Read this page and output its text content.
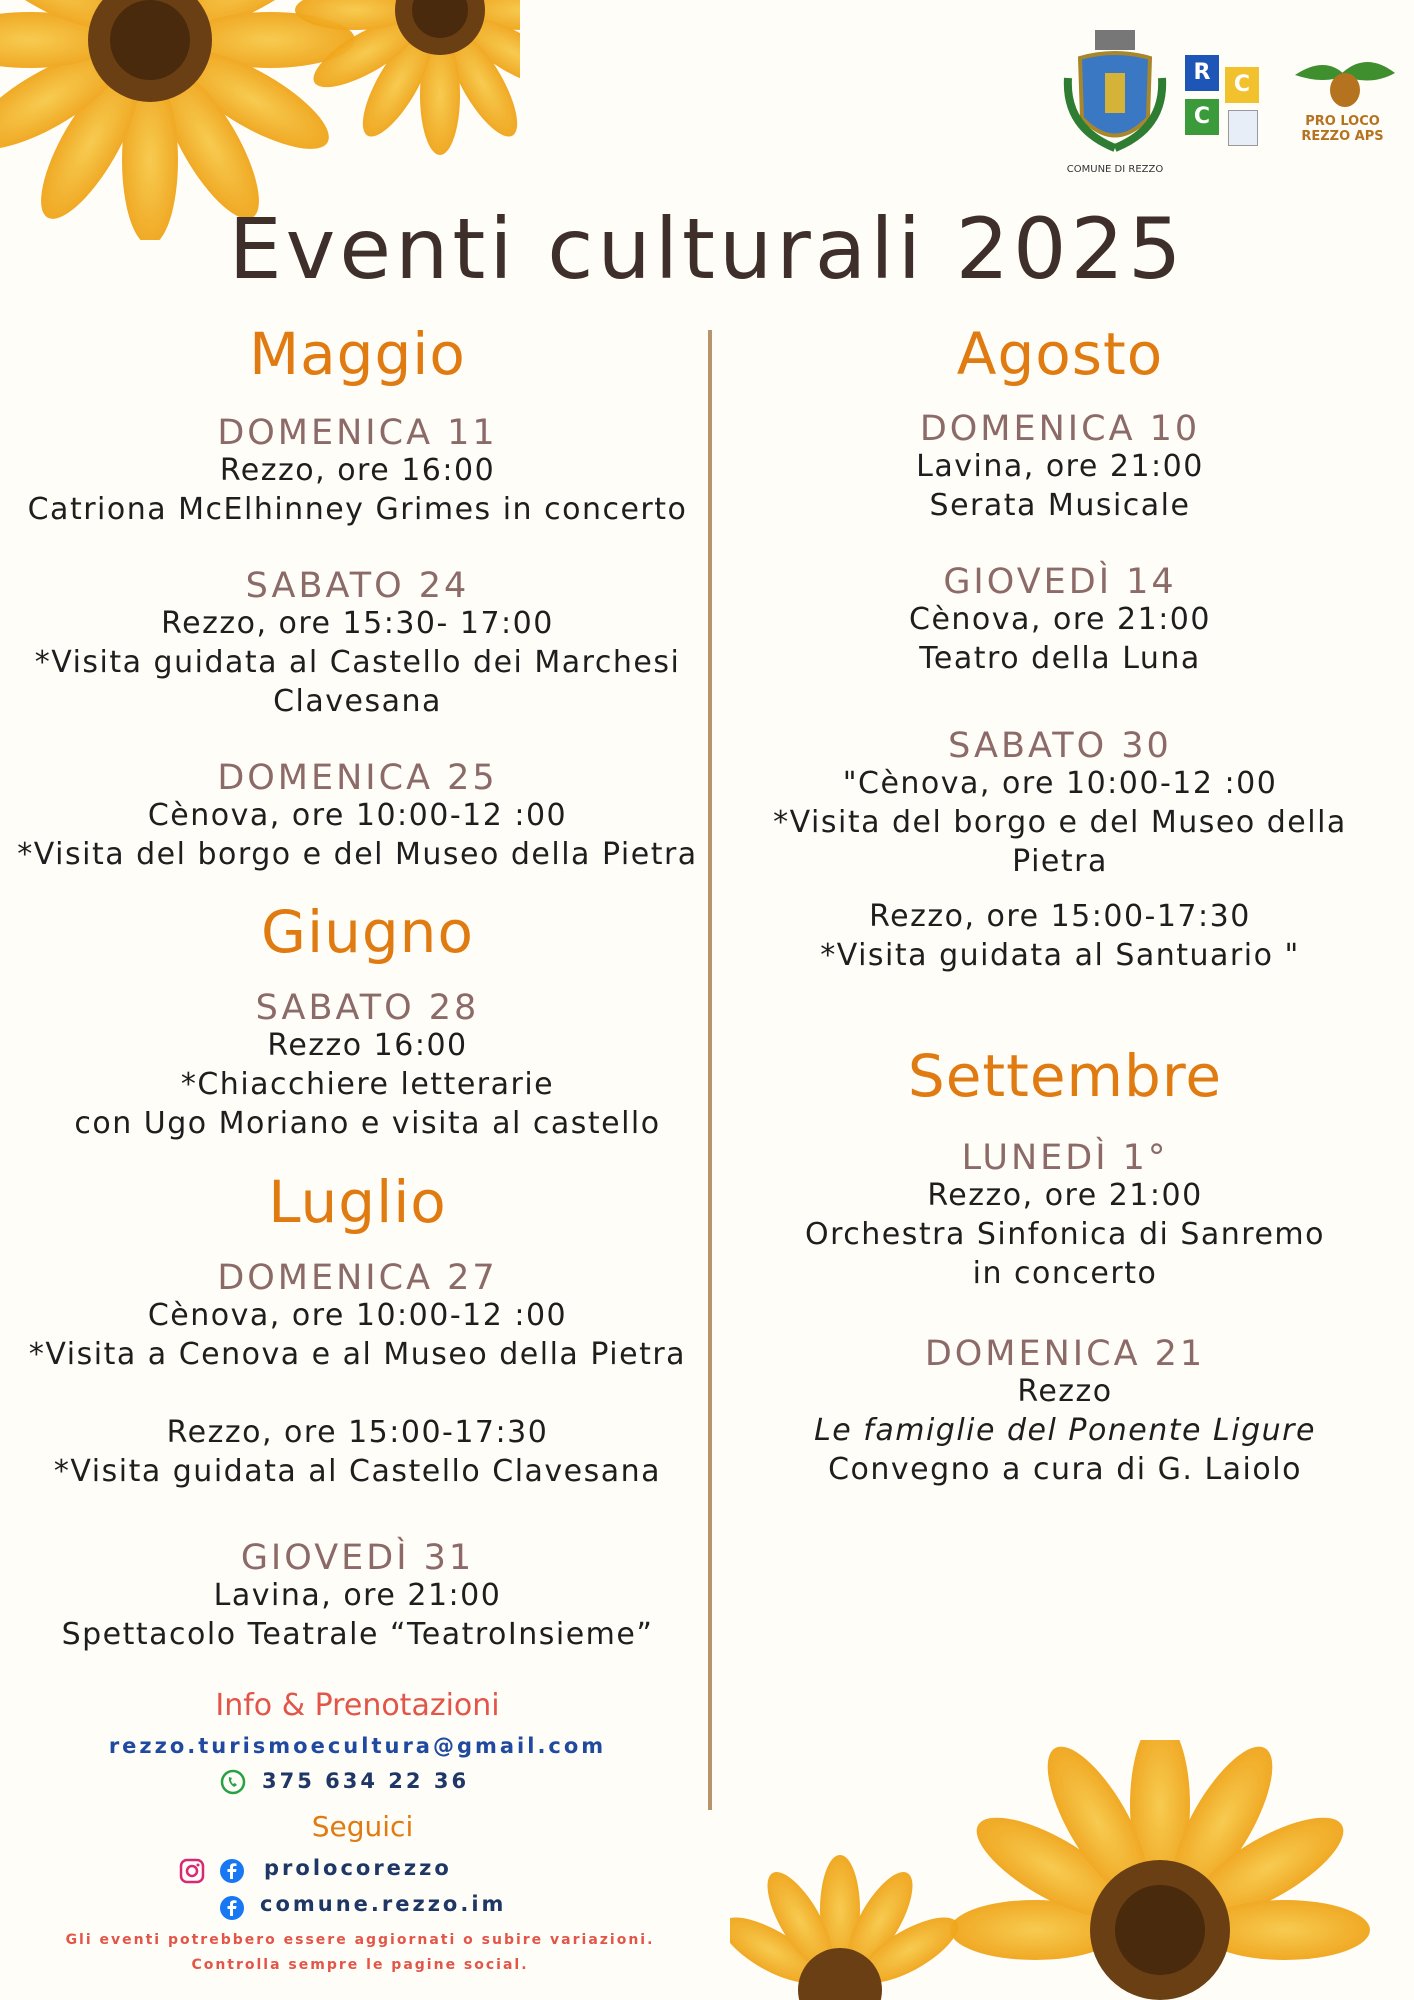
COMUNE DI REZZO
R	C
C	PRO LOCO
REZZO APS
Eventi culturali 2025
Maggio
DOMENICA 11
Rezzo, ore 16:00
Catriona McElhinney Grimes in concerto
SABATO 24
Rezzo, ore 15:30- 17:00
*Visita guidata al Castello dei Marchesi
Clavesana
DOMENICA 25
Cènova, ore 10:00-12 :00
*Visita del borgo e del Museo della Pietra
Giugno
SABATO 28
Rezzo 16:00
*Chiacchiere letterarie
con Ugo Moriano e visita al castello
Luglio
DOMENICA 27
Cènova, ore 10:00-12 :00
*Visita a Cenova e al Museo della Pietra
Rezzo, ore 15:00-17:30
*Visita guidata al Castello Clavesana
GIOVEDÌ 31
Lavina, ore 21:00
Spettacolo Teatrale “TeatroInsieme”
Info & Prenotazioni
rezzo.turismoecultura@gmail.com
375 634 22 36
Seguici
prolocorezzo
comune.rezzo.im
Gli eventi potrebbero essere aggiornati o subire variazioni.
Controlla sempre le pagine social.
Agosto
DOMENICA 10
Lavina, ore 21:00
Serata Musicale
GIOVEDÌ 14
Cènova, ore 21:00
Teatro della Luna
SABATO 30
"Cènova, ore 10:00-12 :00
*Visita del borgo e del Museo della
Pietra
Rezzo, ore 15:00-17:30
*Visita guidata al Santuario "
Settembre
LUNEDÌ 1°
Rezzo, ore 21:00
Orchestra Sinfonica di Sanremo
in concerto
DOMENICA 21
Rezzo
Le famiglie del Ponente Ligure
Convegno a cura di G. Laiolo
